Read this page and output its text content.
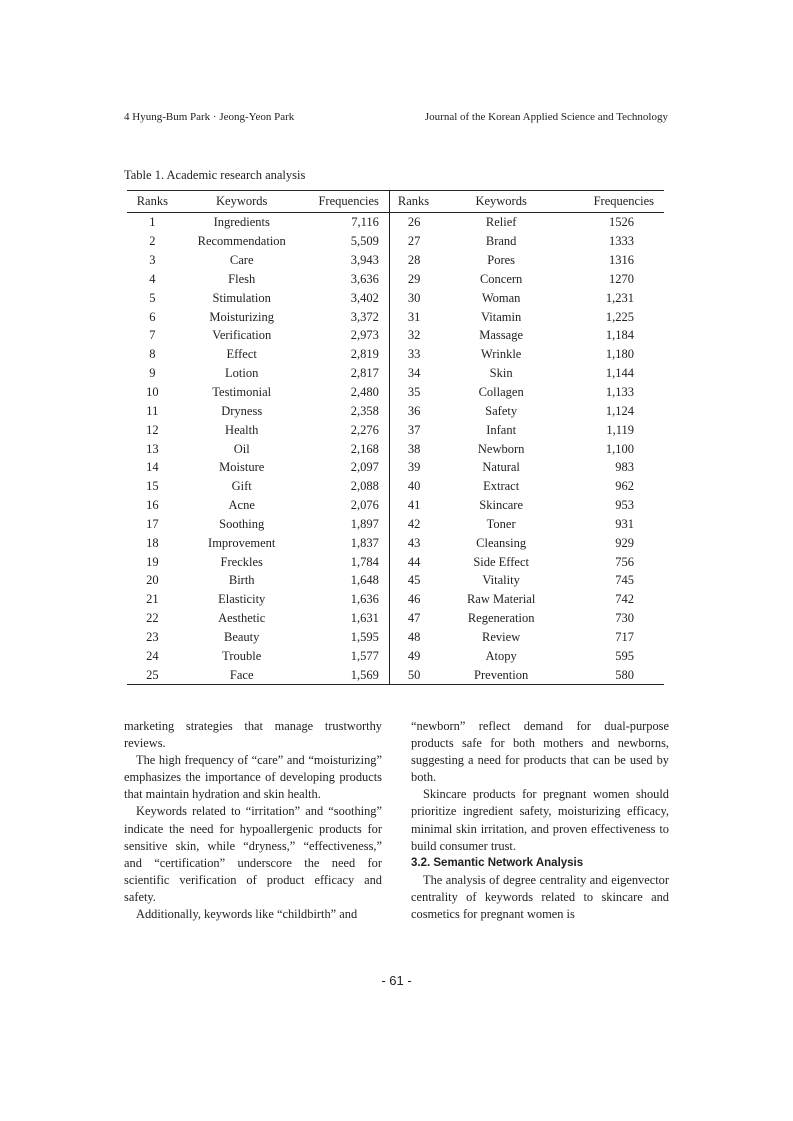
4 Hyung-Bum Park · Jeong-Yeon Park	Journal of the Korean Applied Science and Technology
Table 1. Academic research analysis
Ranks	Keywords	Frequencies	Ranks	Keywords	Frequencies
1	Ingredients	7,116	26	Relief	1526
2	Recommendation	5,509	27	Brand	1333
3	Care	3,943	28	Pores	1316
4	Flesh	3,636	29	Concern	1270
5	Stimulation	3,402	30	Woman	1,231
6	Moisturizing	3,372	31	Vitamin	1,225
7	Verification	2,973	32	Massage	1,184
8	Effect	2,819	33	Wrinkle	1,180
9	Lotion	2,817	34	Skin	1,144
10	Testimonial	2,480	35	Collagen	1,133
11	Dryness	2,358	36	Safety	1,124
12	Health	2,276	37	Infant	1,119
13	Oil	2,168	38	Newborn	1,100
14	Moisture	2,097	39	Natural	983
15	Gift	2,088	40	Extract	962
16	Acne	2,076	41	Skincare	953
17	Soothing	1,897	42	Toner	931
18	Improvement	1,837	43	Cleansing	929
19	Freckles	1,784	44	Side Effect	756
20	Birth	1,648	45	Vitality	745
21	Elasticity	1,636	46	Raw Material	742
22	Aesthetic	1,631	47	Regeneration	730
23	Beauty	1,595	48	Review	717
24	Trouble	1,577	49	Atopy	595
25	Face	1,569	50	Prevention	580

marketing strategies that manage trustworthy reviews.

The high frequency of “care” and “moisturizing” emphasizes the importance of developing products that maintain hydration and skin health.

Keywords related to “irritation” and “soothing” indicate the need for hypoallergenic products for sensitive skin, while “dryness,” “effectiveness,” and “certification” underscore the need for scientific verification of product efficacy and safety.

Additionally, keywords like “childbirth” and

“newborn” reflect demand for dual-purpose products safe for both mothers and newborns, suggesting a need for products that can be used by both.

Skincare products for pregnant women should prioritize ingredient safety, moisturizing efficacy, minimal skin irritation, and proven effectiveness to build consumer trust.

3.2. Semantic Network Analysis

The analysis of degree centrality and eigenvector centrality of keywords related to skincare and cosmetics for pregnant women is

- 61 -
